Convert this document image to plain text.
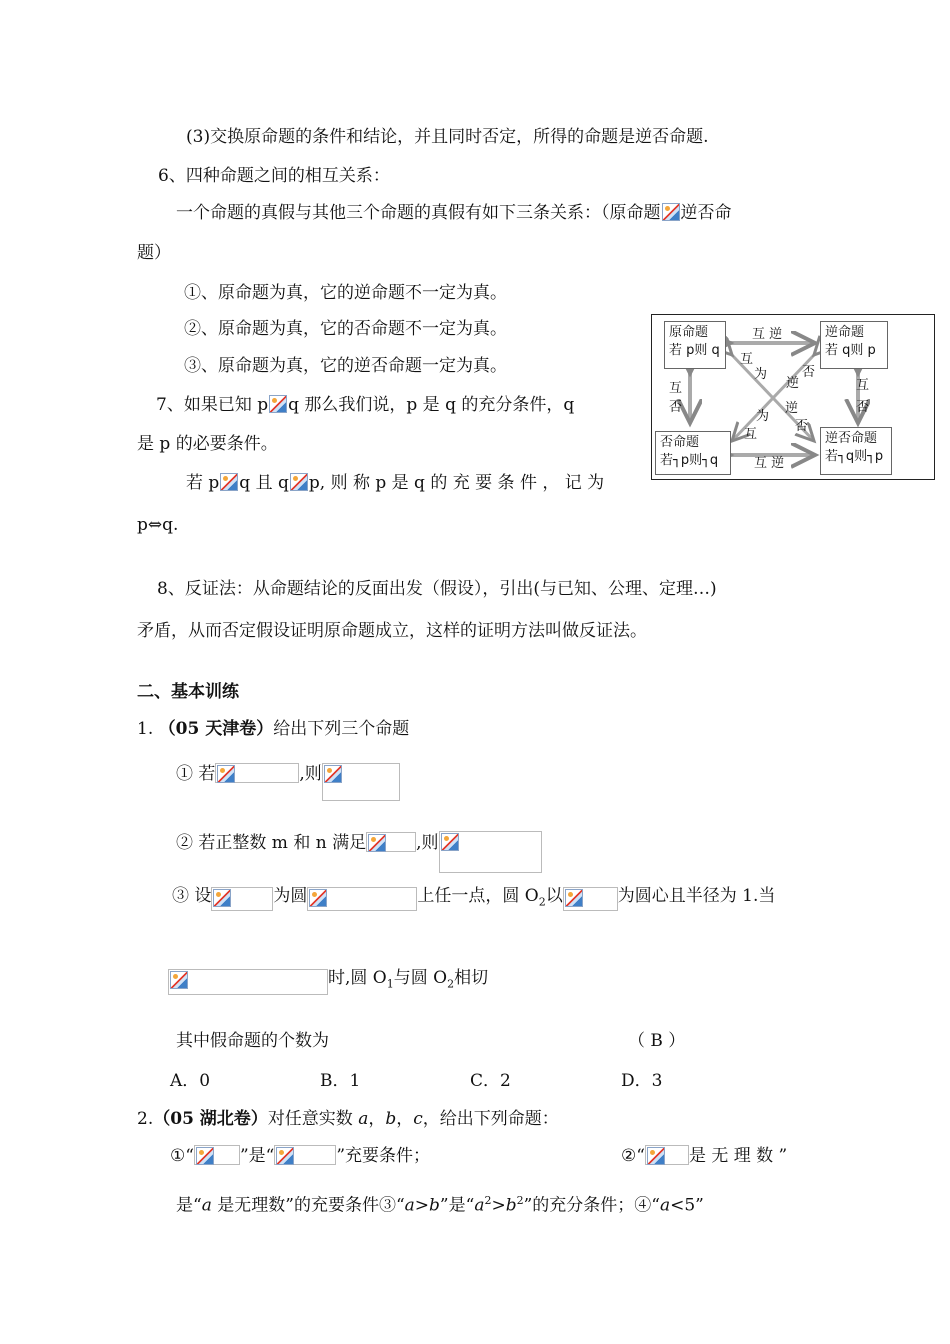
(3)交换原命题的条件和结论，并且同时否定，所得的命题是逆否命题.
6、四种命题之间的相互关系：
一个命题的真假与其他三个命题的真假有如下三条关系：（原命题 逆否命
题）
①、原命题为真，它的逆命题不一定为真。
②、原命题为真，它的否命题不一定为真。
③、原命题为真，它的逆否命题一定为真。
7、如果已知 p q 那么我们说，p 是 q 的充分条件，q
是 p 的必要条件。
若 p q 且 q p, 则 称 p 是 q 的 充 要 条 件 ， 记 为
p⇔q.
原命题
若 p则 q
逆命题
若 q则 p
否命题
若┐p则┐q
逆否命题
若┐q则┐p
互 逆
互 逆
互
否
互
否
互
为
逆
否
否
逆
为
互
8、反证法：从命题结论的反面出发（假设），引出(与已知、公理、定理…)
矛盾，从而否定假设证明原命题成立，这样的证明方法叫做反证法。
二、基本训练
1. （05 天津卷）给出下列三个命题
① 若	,则
② 若正整数 m 和 n 满足	,则
③ 设	为圆	上任一点，圆 $O_2$以	为圆心且半径为 1.当
时,圆 $O_1$与圆 $O_2$相切
其中假命题的个数为	（ B ）
A．0	B．1	C．2	D．3
2.（05 湖北卷）对任意实数 a，b，c，给出下列命题：
①“	”是“	”充要条件；	②“	是 无 理 数 ”
是“a 是无理数”的充要条件③“a>b”是“$a^2>b^2$”的充分条件；④“a<5”
